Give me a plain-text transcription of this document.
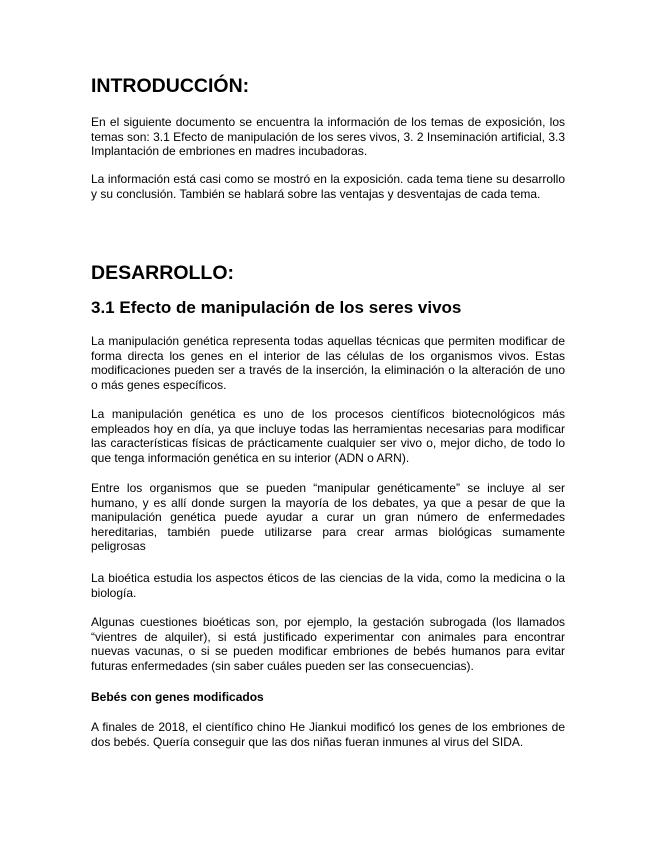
INTRODUCCIÓN:

En el siguiente documento se encuentra la información de los temas de exposición, los temas son: 3.1 Efecto de manipulación de los seres vivos, 3. 2 Inseminación artificial, 3.3 Implantación de embriones en madres incubadoras.

La información está casi como se mostró en la exposición. cada tema tiene su desarrollo y su conclusión. También se hablará sobre las ventajas y desventajas de cada tema.

DESARROLLO:
3.1 Efecto de manipulación de los seres vivos

La manipulación genética representa todas aquellas técnicas que permiten modificar de forma directa los genes en el interior de las células de los organismos vivos. Estas modificaciones pueden ser a través de la inserción, la eliminación o la alteración de uno o más genes específicos.

La manipulación genética es uno de los procesos científicos biotecnológicos más empleados hoy en día, ya que incluye todas las herramientas necesarias para modificar las características físicas de prácticamente cualquier ser vivo o, mejor dicho, de todo lo que tenga información genética en su interior (ADN o ARN).

Entre los organismos que se pueden “manipular genéticamente” se incluye al ser humano, y es allí donde surgen la mayoría de los debates, ya que a pesar de que la manipulación genética puede ayudar a curar un gran número de enfermedades hereditarias, también puede utilizarse para crear armas biológicas sumamente peligrosas

La bioética estudia los aspectos éticos de las ciencias de la vida, como la medicina o la biología.

Algunas cuestiones bioéticas son, por ejemplo, la gestación subrogada (los llamados “vientres de alquiler), si está justificado experimentar con animales para encontrar nuevas vacunas, o si se pueden modificar embriones de bebés humanos para evitar futuras enfermedades (sin saber cuáles pueden ser las consecuencias).

Bebés con genes modificados

A finales de 2018, el científico chino He Jiankui modificó los genes de los embriones de dos bebés. Quería conseguir que las dos niñas fueran inmunes al virus del SIDA.
